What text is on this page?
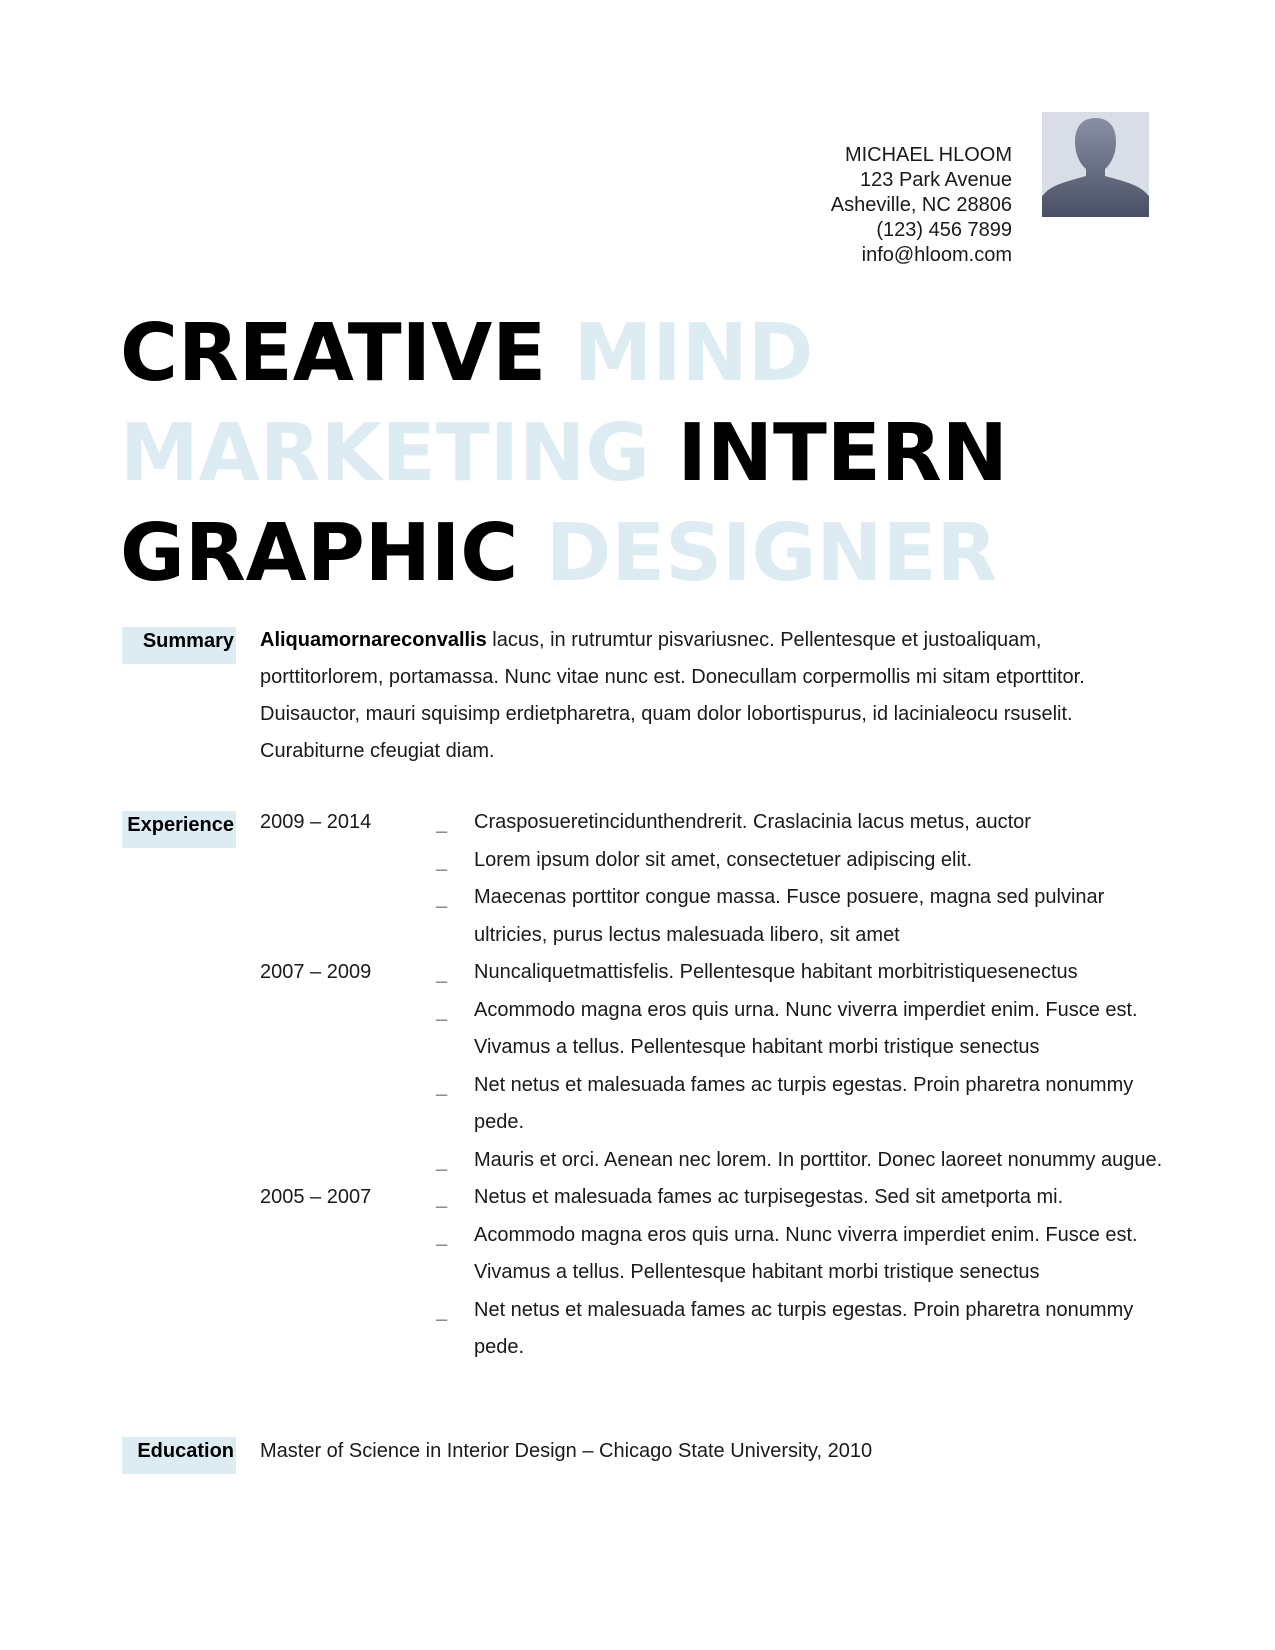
MICHAEL HLOOM
123 Park Avenue
Asheville, NC 28806
(123) 456 7899
info@hloom.com
CREATIVE MIND
MARKETING INTERN
GRAPHIC DESIGNER
Summary Aliquamornareconvallis lacus, in rutrumtur pisvariusnec. Pellentesque et justoaliquam, porttitorlorem, portamassa. Nunc vitae nunc est. Donecullam corpermollis mi sitam etporttitor. Duisauctor, mauri squisimp erdietpharetra, quam dolor lobortispurus, id lacinialeocu rsuselit. Curabiturne cfeugiat diam.
Experience 2009 – 2014	_	Crasposueretincidunthendrerit. Craslacinia lacus metus, auctor
_	Lorem ipsum dolor sit amet, consectetuer adipiscing elit.
_	Maecenas porttitor congue massa. Fusce posuere, magna sed pulvinar ultricies, purus lectus malesuada libero, sit amet
2007 – 2009	_	Nuncaliquetmattisfelis. Pellentesque habitant morbitristiquesenectus
_	Acommodo magna eros quis urna. Nunc viverra imperdiet enim. Fusce est. Vivamus a tellus. Pellentesque habitant morbi tristique senectus
_	Net netus et malesuada fames ac turpis egestas. Proin pharetra nonummy pede.
_	Mauris et orci. Aenean nec lorem. In porttitor. Donec laoreet nonummy augue.
2005 – 2007	_	Netus et malesuada fames ac turpisegestas. Sed sit ametporta mi.
_	Acommodo magna eros quis urna. Nunc viverra imperdiet enim. Fusce est. Vivamus a tellus. Pellentesque habitant morbi tristique senectus
_	Net netus et malesuada fames ac turpis egestas. Proin pharetra nonummy pede.
Education Master of Science in Interior Design – Chicago State University, 2010
